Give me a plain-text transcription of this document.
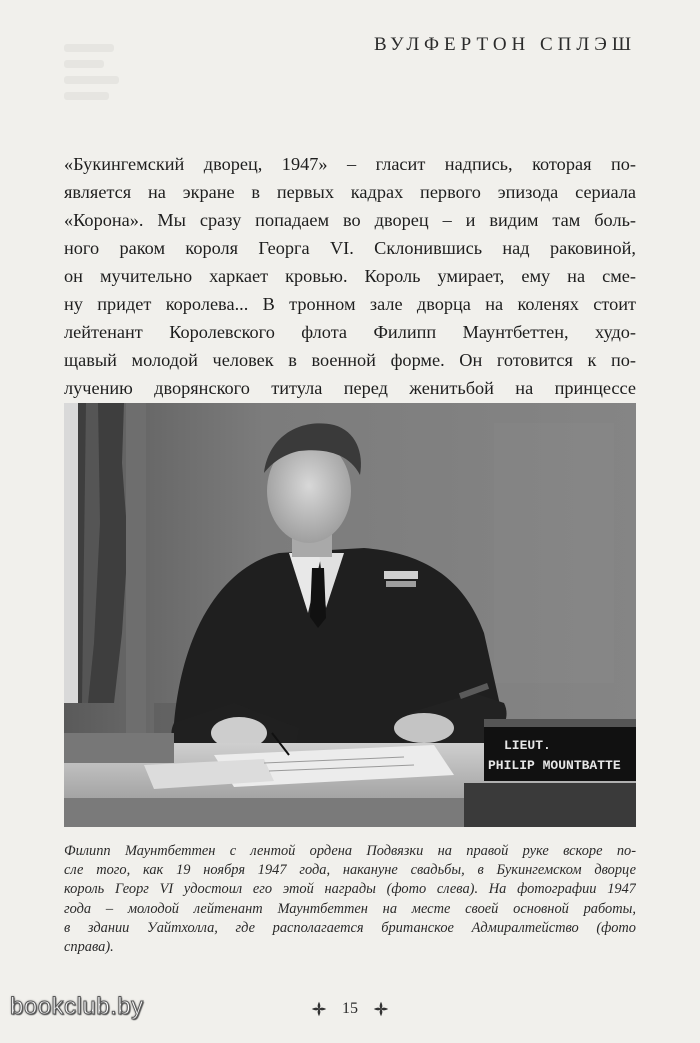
ВУЛФЕРТОН СПЛЭШ

«Букингемский дворец, 1947» – гласит надпись, которая по-
является на экране в первых кадрах первого эпизода сериала
«Корона». Мы сразу попадаем во дворец – и видим там боль-
ного раком короля Георга VI. Склонившись над раковиной,
он мучительно харкает кровью. Король умирает, ему на сме-
ну придет королева... В тронном зале дворца на коленях стоит
лейтенант Королевского флота Филипп Маунтбеттен, худо-
щавый молодой человек в военной форме. Он готовится к по-
лучению дворянского титула перед женитьбой на принцессе

LIEUT.
PHILIP MOUNTBATTE

Филипп Маунтбеттен с лентой ордена Подвязки на правой руке вскоре по-
сле того, как 19 ноября 1947 года, накануне свадьбы, в Букингемском дворце
король Георг VI удостоил его этой награды (фото слева). На фотографии 1947
года – молодой лейтенант Маунтбеттен на месте своей основной работы,
в здании Уайтхолла, где располагается британское Адмиралтейство (фото
справа).

15
bookclub.by
